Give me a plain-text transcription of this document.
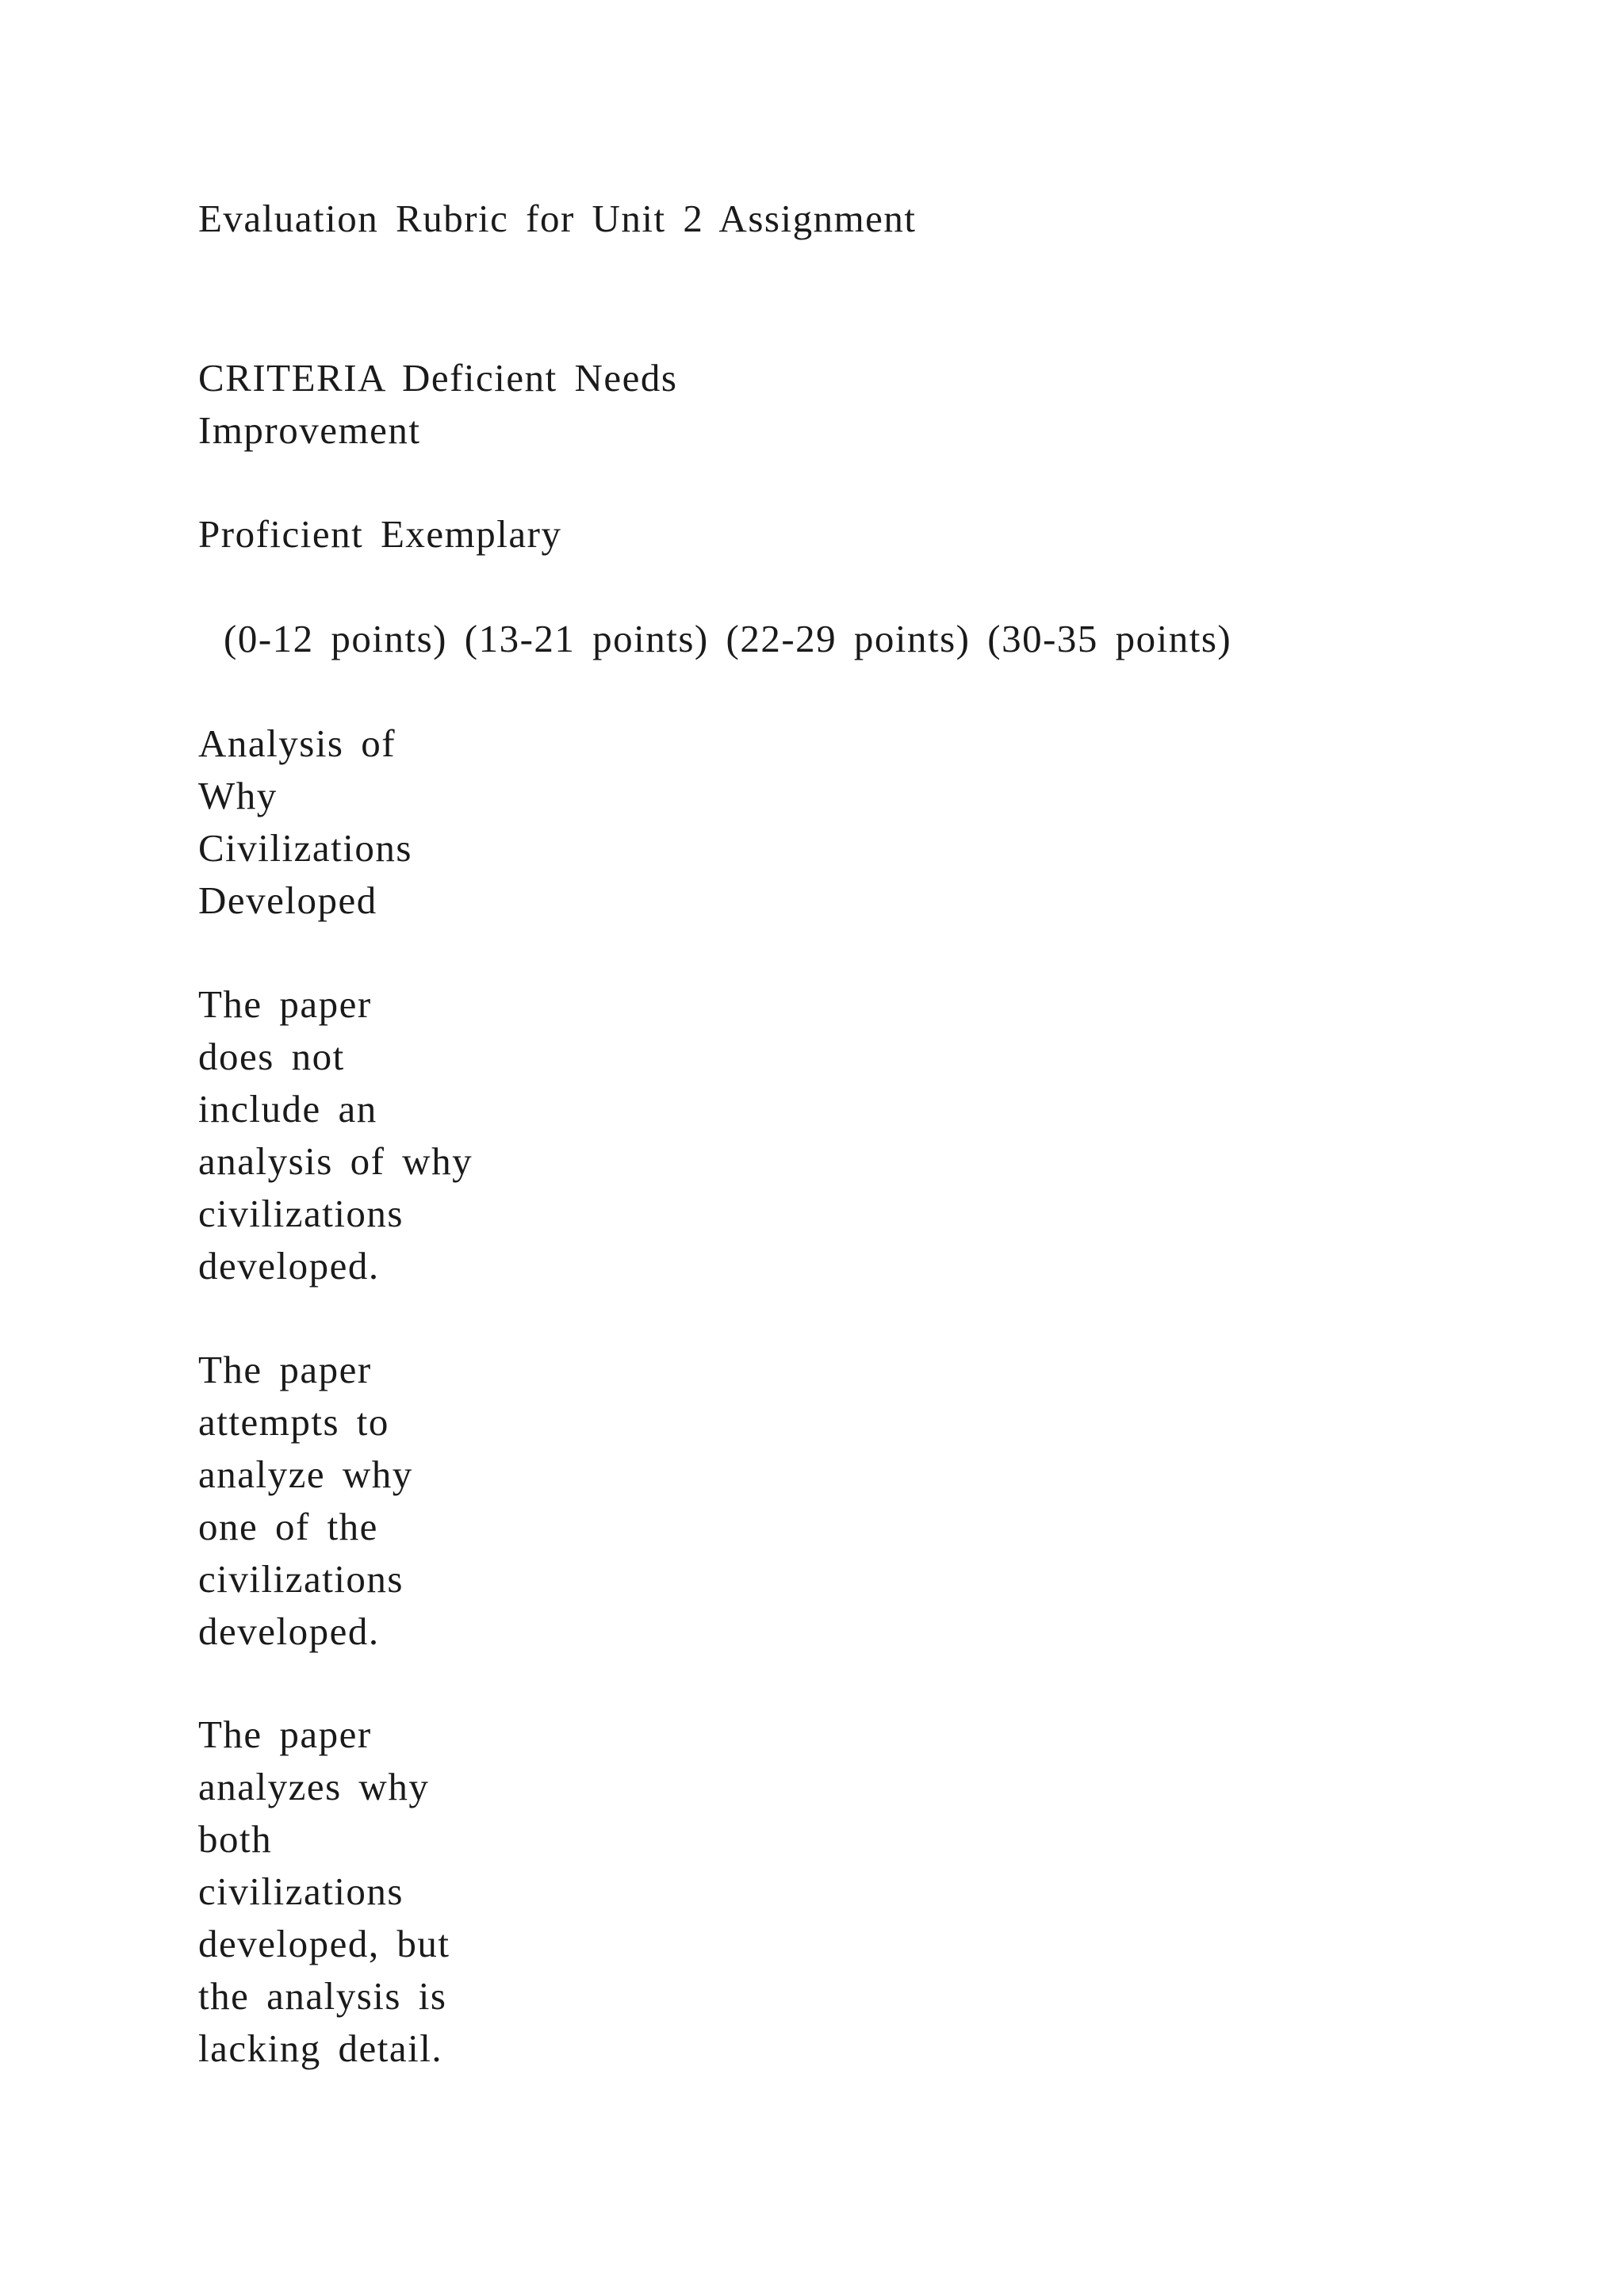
Evaluation Rubric for Unit 2 Assignment

CRITERIA Deficient Needs
Improvement

Proficient Exemplary

(0-12 points) (13-21 points) (22-29 points) (30-35 points)

Analysis of
Why
Civilizations
Developed

The paper
does not
include an
analysis of why
civilizations
developed.

The paper
attempts to
analyze why
one of the
civilizations
developed.

The paper
analyzes why
both
civilizations
developed, but
the analysis is
lacking detail.
